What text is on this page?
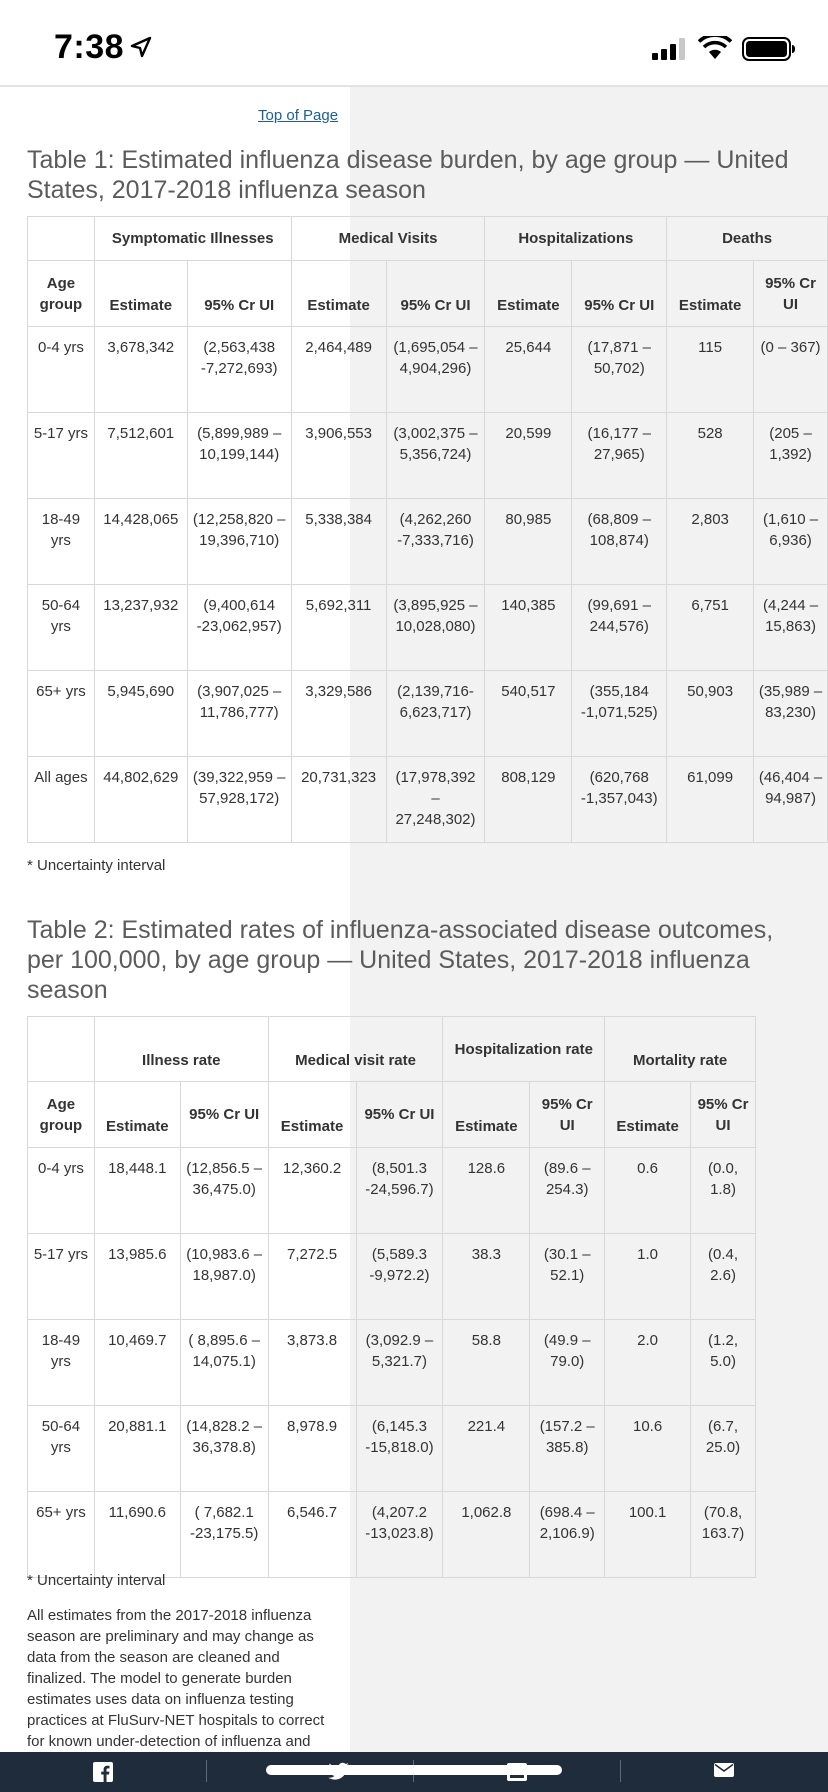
7:38
Top of Page
Table 1: Estimated influenza disease burden, by age group — United States, 2017-2018 influenza season
	Symptomatic Illnesses		Medical Visits		Hospitalizations		Deaths	
Age group	Estimate	95% Cr UI	Estimate	95% Cr UI	Estimate	95% Cr UI	Estimate	95% Cr UI
0-4 yrs	3,678,342	(2,563,438 -7,272,693)	2,464,489	(1,695,054 – 4,904,296)	25,644	(17,871 – 50,702)	115	(0 – 367)
5-17 yrs	7,512,601	(5,899,989 – 10,199,144)	3,906,553	(3,002,375 – 5,356,724)	20,599	(16,177 – 27,965)	528	(205 – 1,392)
18-49 yrs	14,428,065	(12,258,820 – 19,396,710)	5,338,384	(4,262,260 -7,333,716)	80,985	(68,809 – 108,874)	2,803	(1,610 – 6,936)
50-64 yrs	13,237,932	(9,400,614 -23,062,957)	5,692,311	(3,895,925 – 10,028,080)	140,385	(99,691 – 244,576)	6,751	(4,244 – 15,863)
65+ yrs	5,945,690	(3,907,025 – 11,786,777)	3,329,586	(2,139,716- 6,623,717)	540,517	(355,184 -1,071,525)	50,903	(35,989 – 83,230)
All ages	44,802,629	(39,322,959 – 57,928,172)	20,731,323	(17,978,392 – 27,248,302)	808,129	(620,768 -1,357,043)	61,099	(46,404 – 94,987)
* Uncertainty interval
Table 2: Estimated rates of influenza-associated disease outcomes, per 100,000, by age group — United States, 2017-2018 influenza season
	Illness rate		Medical visit rate		Hospitalization rate		Mortality rate	
Age group	Estimate	95% Cr UI	Estimate	95% Cr UI	Estimate	95% Cr UI	Estimate	95% Cr UI
0-4 yrs	18,448.1	(12,856.5 – 36,475.0)	12,360.2	(8,501.3 -24,596.7)	128.6	(89.6 – 254.3)	0.6	(0.0, 1.8)
5-17 yrs	13,985.6	(10,983.6 – 18,987.0)	7,272.5	(5,589.3 -9,972.2)	38.3	(30.1 – 52.1)	1.0	(0.4, 2.6)
18-49 yrs	10,469.7	( 8,895.6 – 14,075.1)	3,873.8	(3,092.9 – 5,321.7)	58.8	(49.9 – 79.0)	2.0	(1.2, 5.0)
50-64 yrs	20,881.1	(14,828.2 – 36,378.8)	8,978.9	(6,145.3 -15,818.0)	221.4	(157.2 – 385.8)	10.6	(6.7, 25.0)
65+ yrs	11,690.6	( 7,682.1 -23,175.5)	6,546.7	(4,207.2 -13,023.8)	1,062.8	(698.4 – 2,106.9)	100.1	(70.8, 163.7)
* Uncertainty interval

All estimates from the 2017-2018 influenza season are preliminary and may change as data from the season are cleaned and finalized. The model to generate burden estimates uses data on influenza testing practices at FluSurv-NET hospitals to correct for known under-detection of influenza and
